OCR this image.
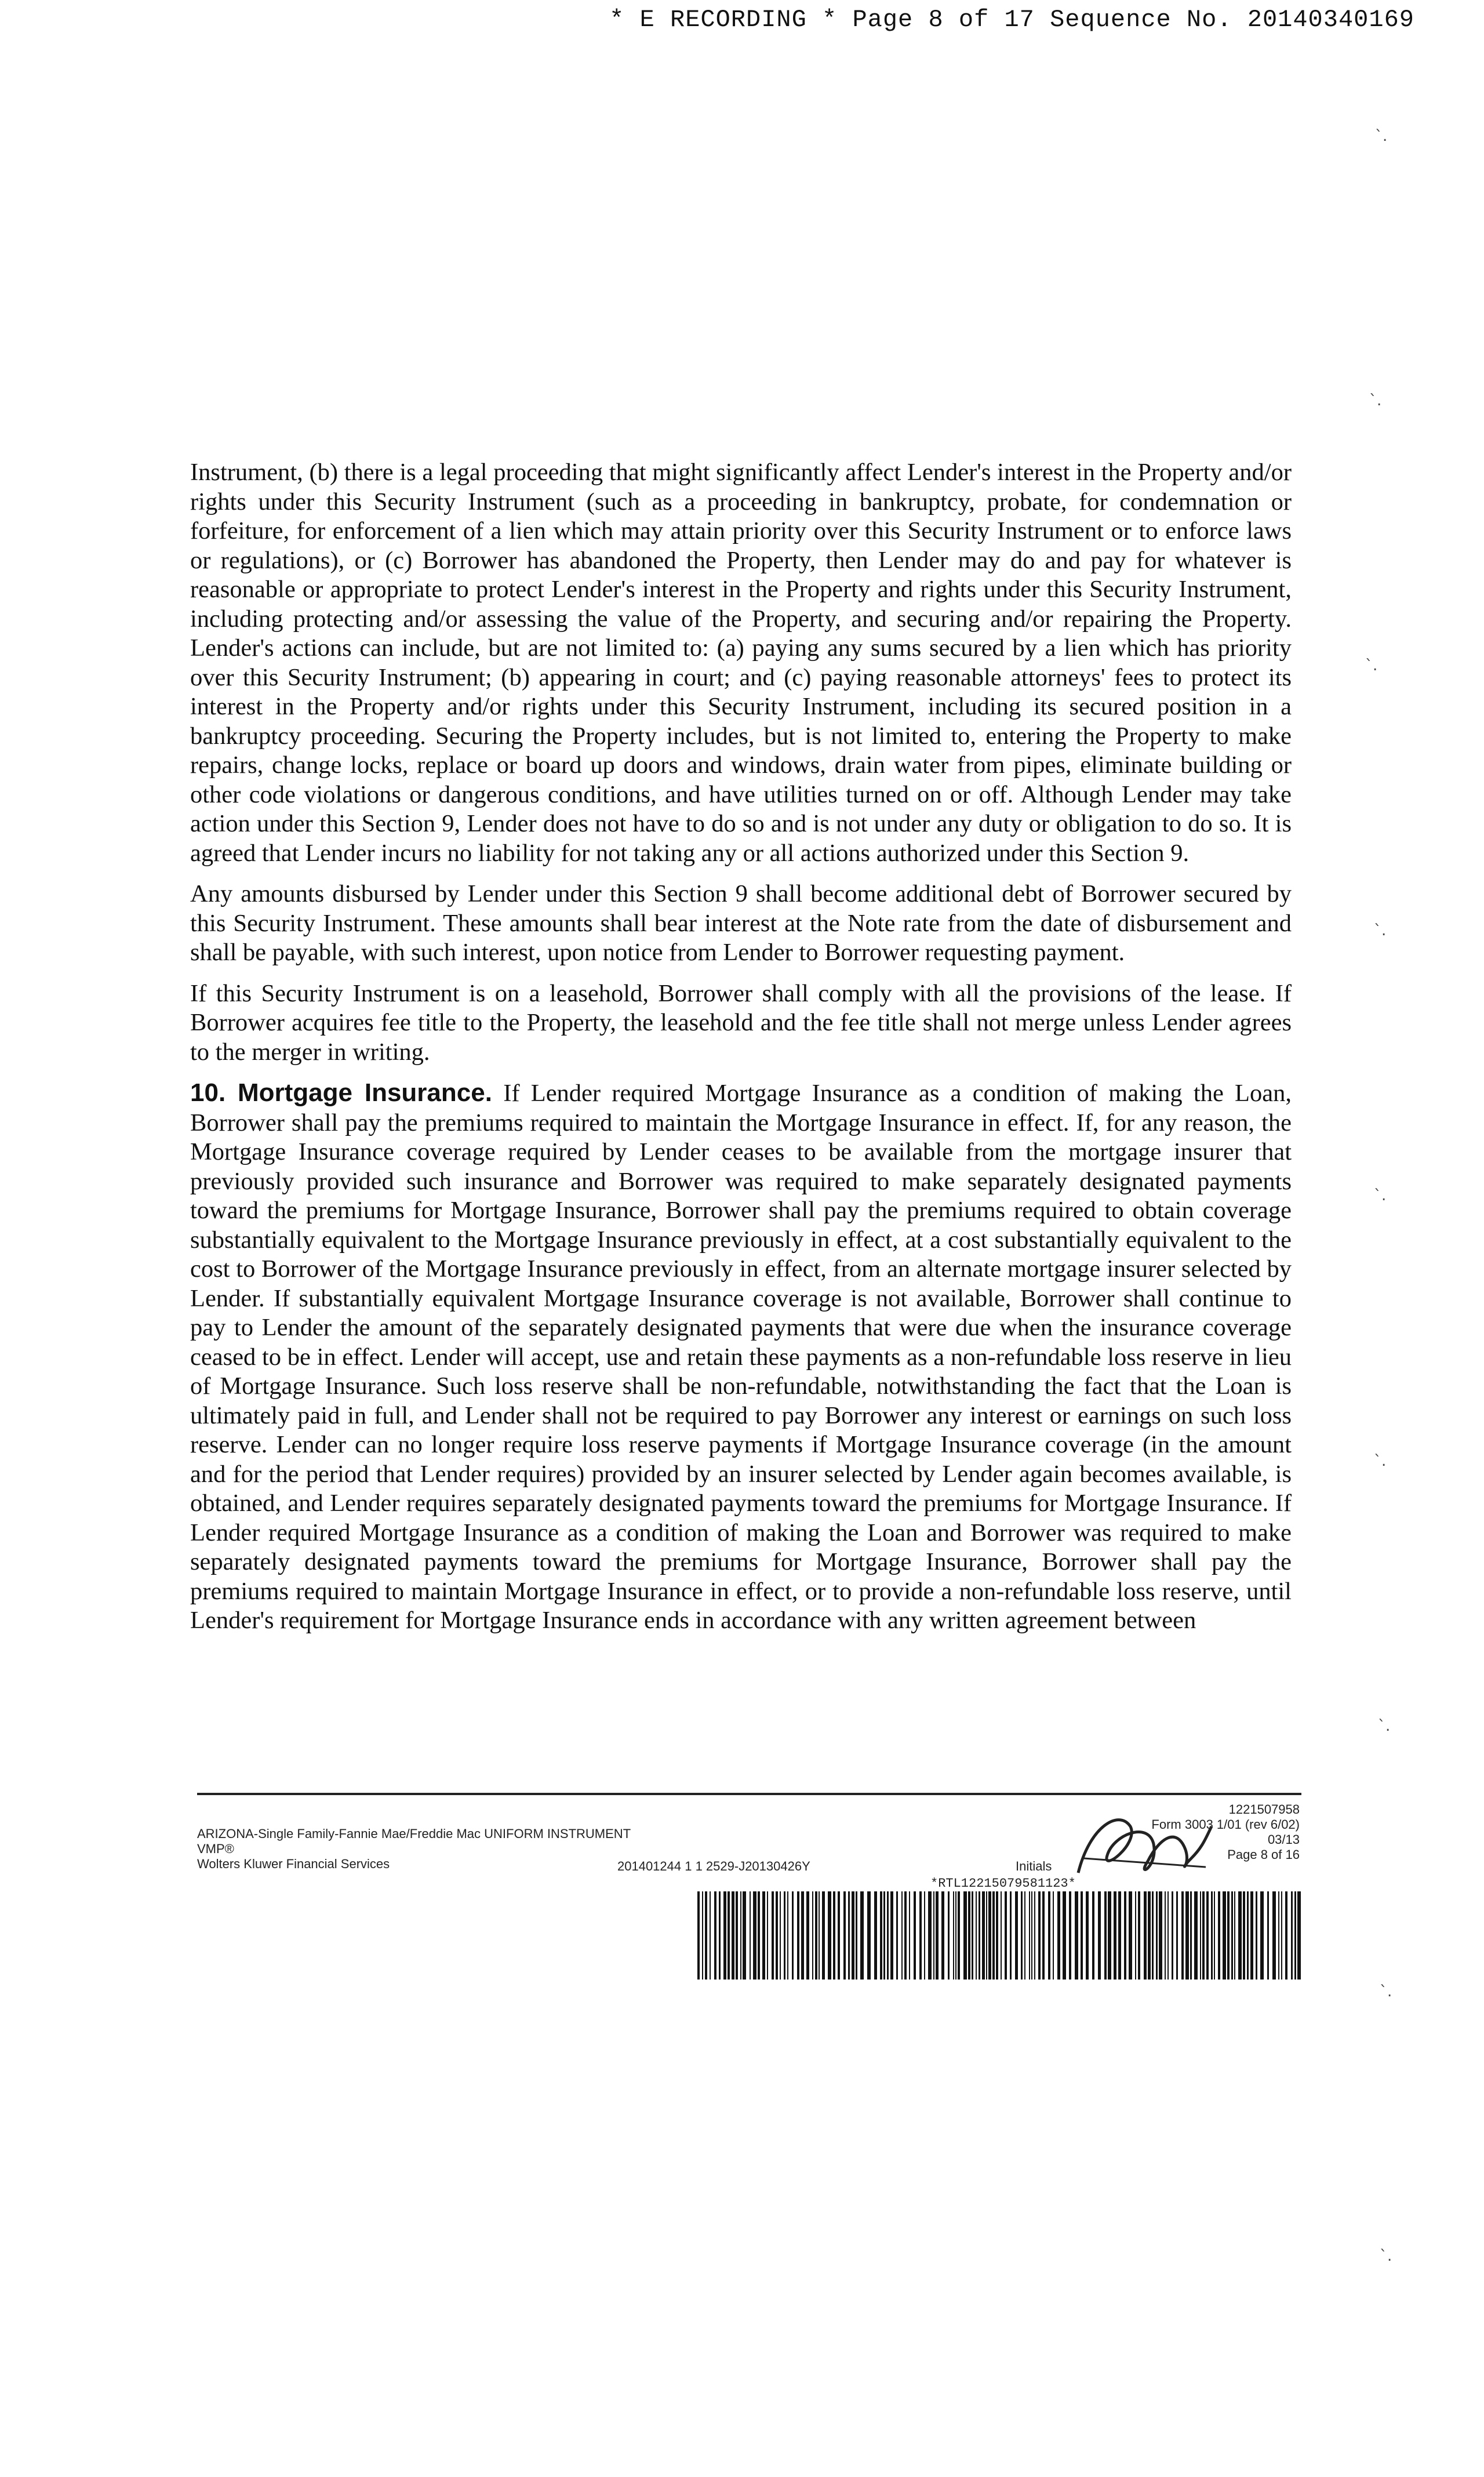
* E RECORDING * Page 8 of 17 Sequence No. 20140340169
`.
`.
`.
`.
`.
`.
`.
`.
`.

Instrument, (b) there is a legal proceeding that might significantly affect Lender's interest in the Property and/or rights under this Security Instrument (such as a proceeding in bankruptcy, probate, for condemnation or forfeiture, for enforcement of a lien which may attain priority over this Security Instrument or to enforce laws or regulations), or (c) Borrower has abandoned the Property, then Lender may do and pay for whatever is reasonable or appropriate to protect Lender's interest in the Property and rights under this Security Instrument, including protecting and/or assessing the value of the Property, and securing and/or repairing the Property. Lender's actions can include, but are not limited to: (a) paying any sums secured by a lien which has priority over this Security Instrument; (b) appearing in court; and (c) paying reasonable attorneys' fees to protect its interest in the Property and/or rights under this Security Instrument, including its secured position in a bankruptcy proceeding. Securing the Property includes, but is not limited to, entering the Property to make repairs, change locks, replace or board up doors and windows, drain water from pipes, eliminate building or other code violations or dangerous conditions, and have utilities turned on or off. Although Lender may take action under this Section 9, Lender does not have to do so and is not under any duty or obligation to do so. It is agreed that Lender incurs no liability for not taking any or all actions authorized under this Section 9.

Any amounts disbursed by Lender under this Section 9 shall become additional debt of Borrower secured by this Security Instrument. These amounts shall bear interest at the Note rate from the date of disbursement and shall be payable, with such interest, upon notice from Lender to Borrower requesting payment.

If this Security Instrument is on a leasehold, Borrower shall comply with all the provisions of the lease. If Borrower acquires fee title to the Property, the leasehold and the fee title shall not merge unless Lender agrees to the merger in writing.

10. Mortgage Insurance. If Lender required Mortgage Insurance as a condition of making the Loan, Borrower shall pay the premiums required to maintain the Mortgage Insurance in effect. If, for any reason, the Mortgage Insurance coverage required by Lender ceases to be available from the mortgage insurer that previously provided such insurance and Borrower was required to make separately designated payments toward the premiums for Mortgage Insurance, Borrower shall pay the premiums required to obtain coverage substantially equivalent to the Mortgage Insurance previously in effect, at a cost substantially equivalent to the cost to Borrower of the Mortgage Insurance previously in effect, from an alternate mortgage insurer selected by Lender. If substantially equivalent Mortgage Insurance coverage is not available, Borrower shall continue to pay to Lender the amount of the separately designated payments that were due when the insurance coverage ceased to be in effect. Lender will accept, use and retain these payments as a non-refundable loss reserve in lieu of Mortgage Insurance. Such loss reserve shall be non-refundable, notwithstanding the fact that the Loan is ultimately paid in full, and Lender shall not be required to pay Borrower any interest or earnings on such loss reserve. Lender can no longer require loss reserve payments if Mortgage Insurance coverage (in the amount and for the period that Lender requires) provided by an insurer selected by Lender again becomes available, is obtained, and Lender requires separately designated payments toward the premiums for Mortgage Insurance. If Lender required Mortgage Insurance as a condition of making the Loan and Borrower was required to make separately designated payments toward the premiums for Mortgage Insurance, Borrower shall pay the premiums required to maintain Mortgage Insurance in effect, or to provide a non-refundable loss reserve, until Lender's requirement for Mortgage Insurance ends in accordance with any written agreement between

ARIZONA-Single Family-Fannie Mae/Freddie Mac UNIFORM INSTRUMENT
VMP®
Wolters Kluwer Financial Services	201401244 1 1 2529-J20130426Y
1221507958
Form 3003 1/01 (rev 6/02)
03/13
Page 8 of 16
Initials
*RTL12215079581123*
